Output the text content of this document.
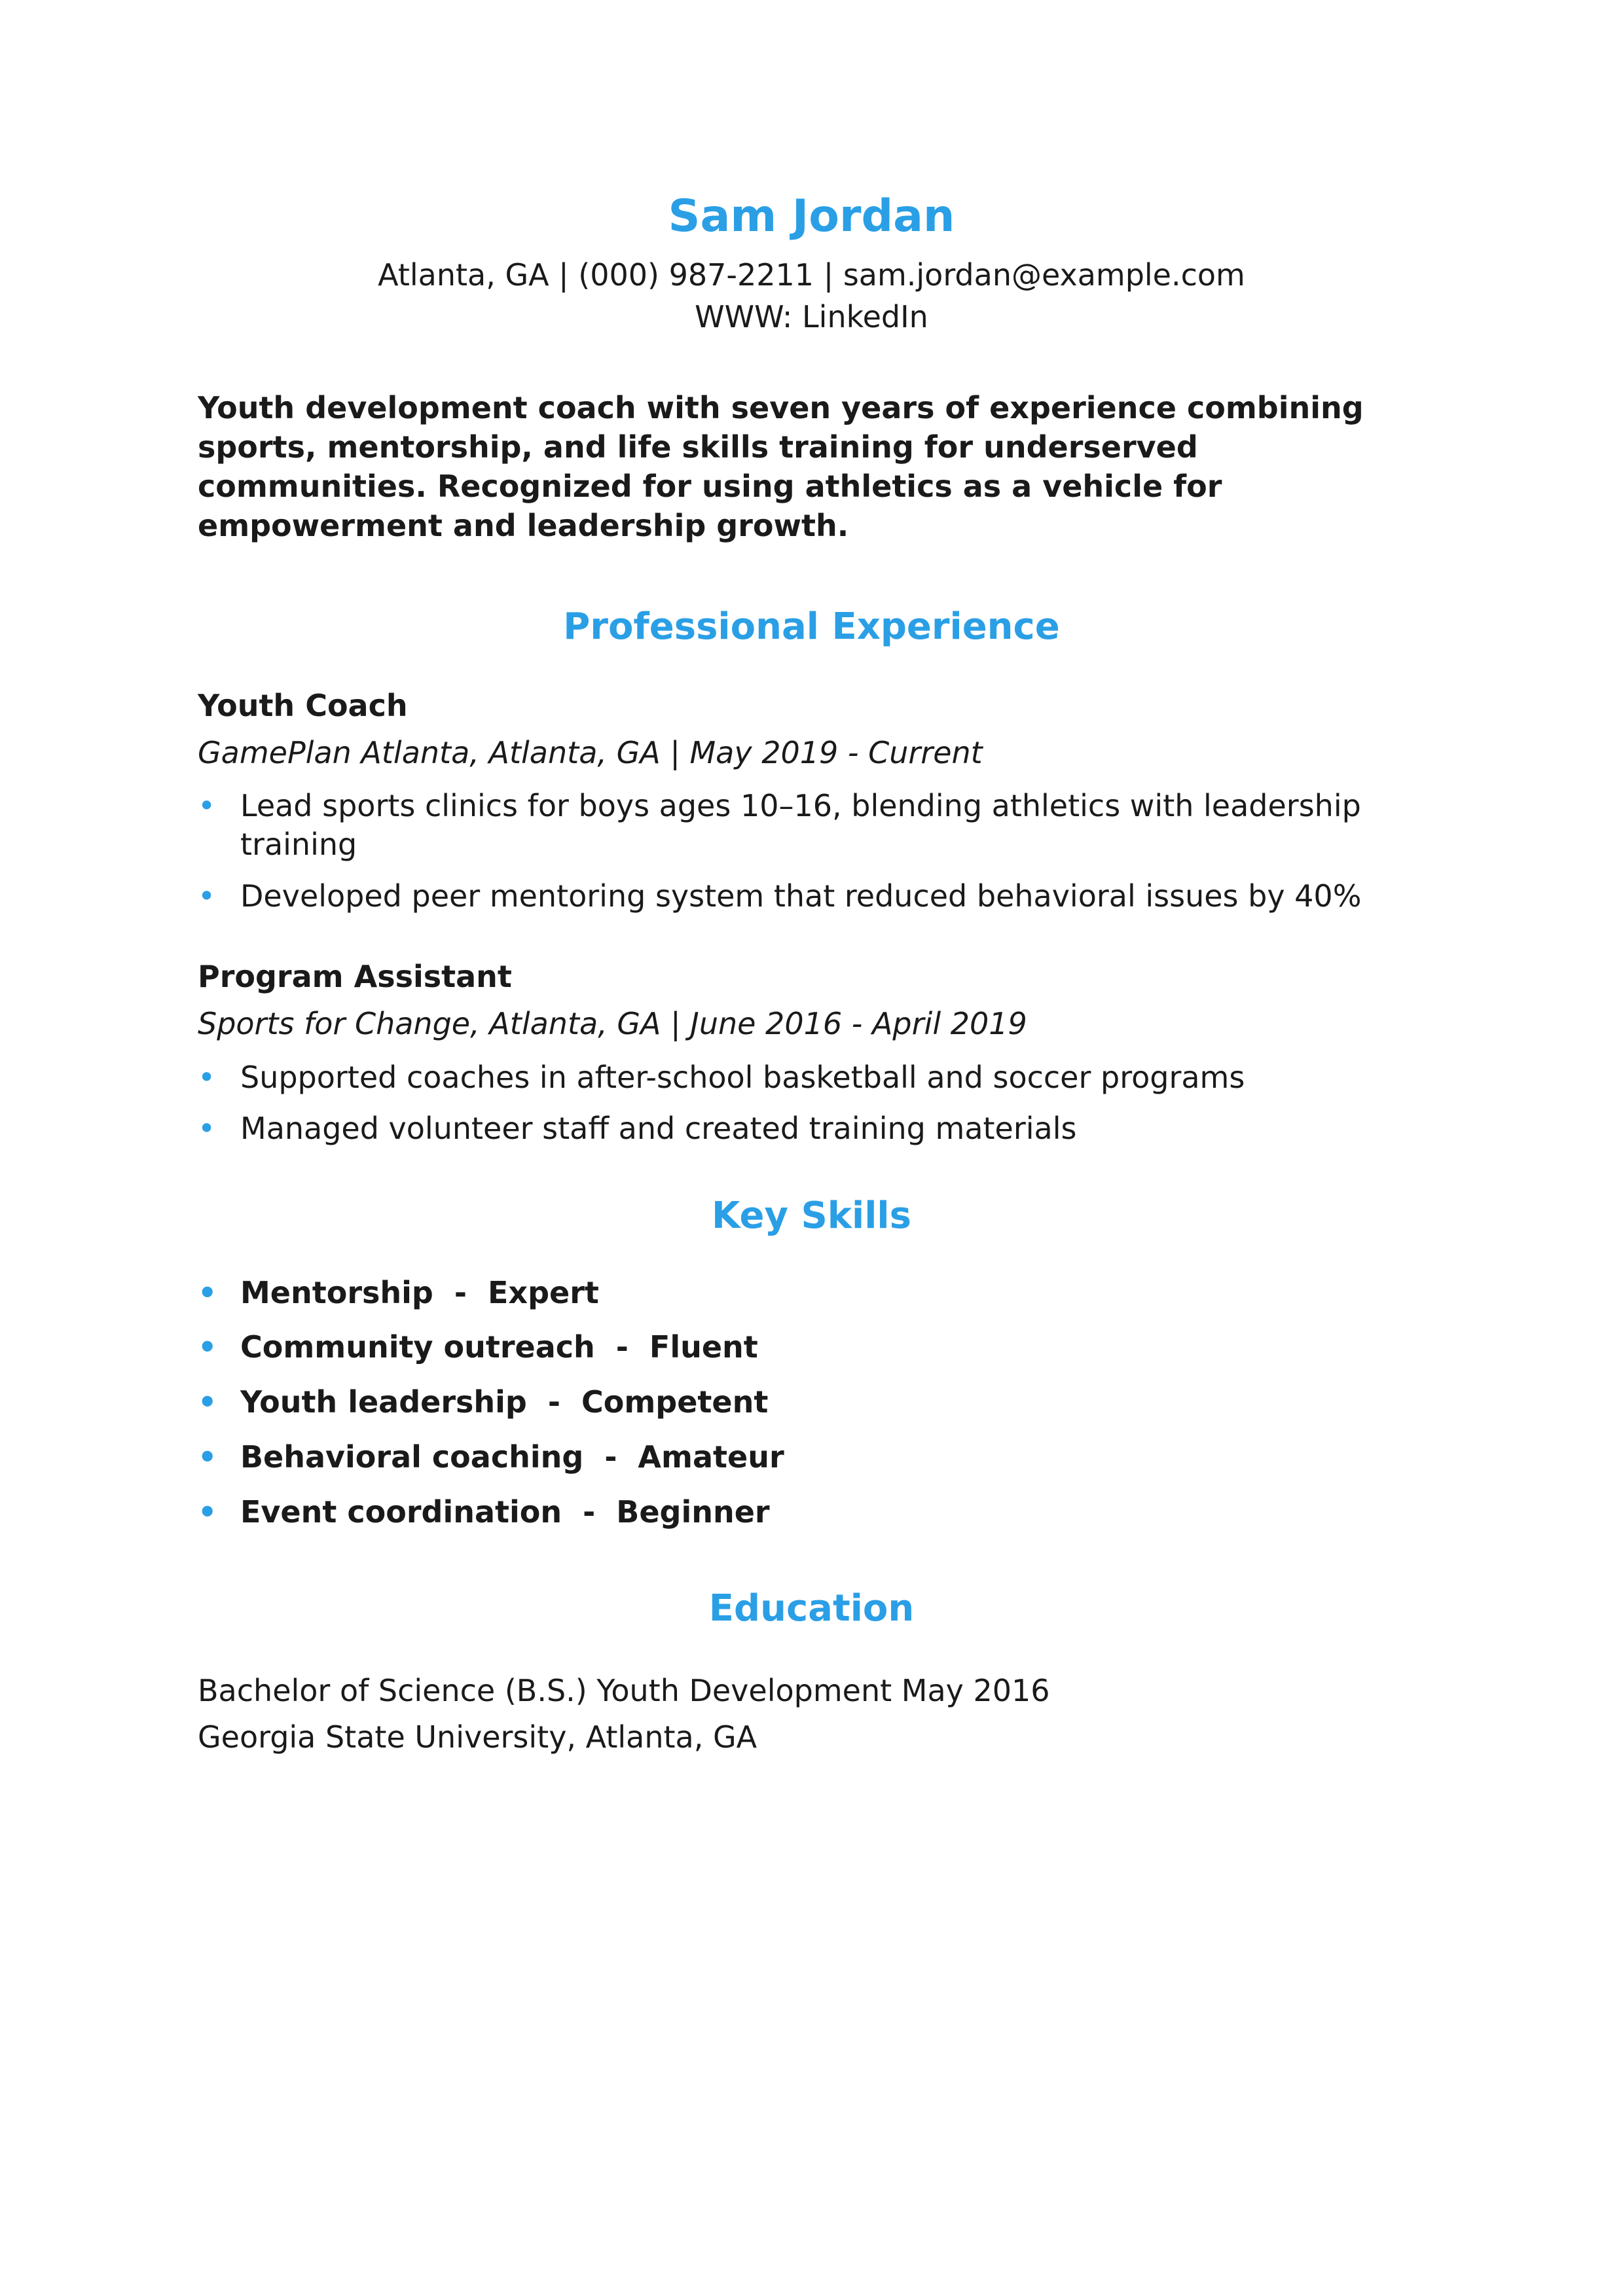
Sam Jordan

Atlanta, GA | (000) 987-2211 | sam.jordan@example.com

WWW: LinkedIn

Youth development coach with seven years of experience combining sports, mentorship, and life skills training for underserved communities. Recognized for using athletics as a vehicle for empowerment and leadership growth.
Professional Experience
Youth Coach
GamePlan Atlanta, Atlanta, GA | May 2019 - Current
• Lead sports clinics for boys ages 10–16, blending athletics with leadership training
• Developed peer mentoring system that reduced behavioral issues by 40%
Program Assistant
Sports for Change, Atlanta, GA | June 2016 - April 2019
• Supported coaches in after-school basketball and soccer programs
• Managed volunteer staff and created training materials
Key Skills
• Mentorship  -  Expert
• Community outreach  -  Fluent
• Youth leadership  -  Competent
• Behavioral coaching  -  Amateur
• Event coordination  -  Beginner
Education
Bachelor of Science (B.S.) Youth Development May 2016
Georgia State University, Atlanta, GA
